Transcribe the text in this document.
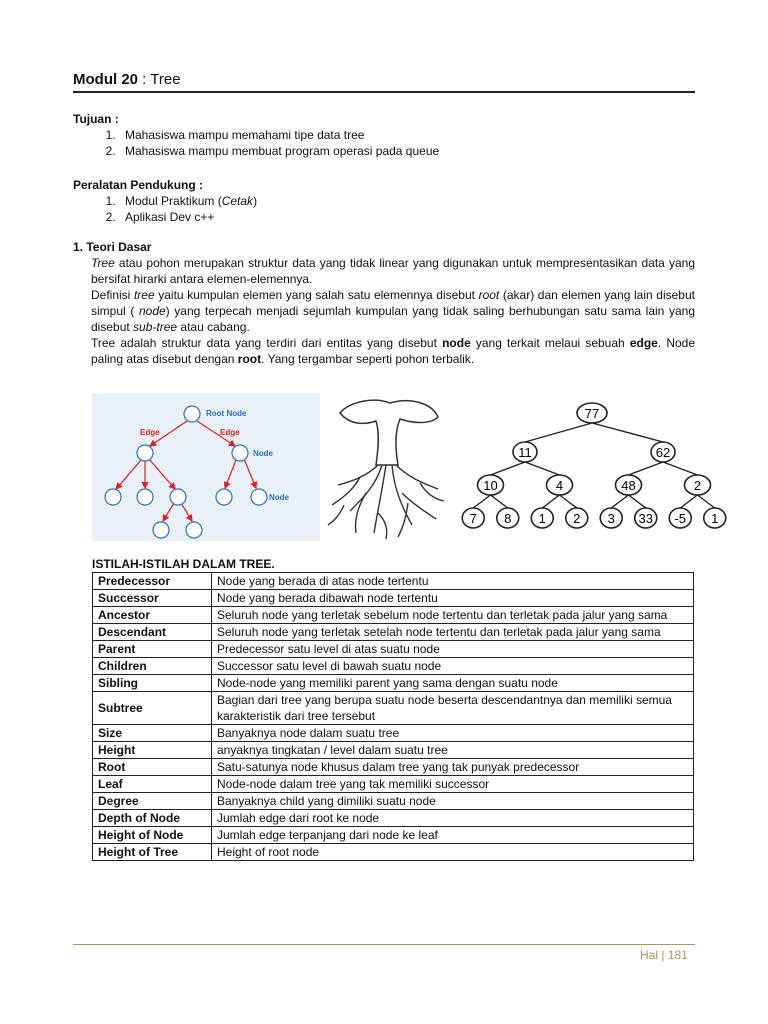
Modul 20 : Tree
Tujuan :
1. Mahasiswa mampu memahami tipe data tree
2. Mahasiswa mampu membuat program operasi pada queue
Peralatan Pendukung :
1. Modul Praktikum (Cetak)
2. Aplikasi Dev c++
1. Teori Dasar
Tree atau pohon merupakan struktur data yang tidak linear yang digunakan untuk mempresentasikan data yang bersifat hirarki antara elemen-elemennya.
Definisi tree yaitu kumpulan elemen yang salah satu elemennya disebut root (akar) dan elemen yang lain disebut simpul ( node) yang terpecah menjadi sejumlah kumpulan yang tidak saling berhubungan satu sama lain yang disebut sub-tree atau cabang.
Tree adalah struktur data yang terdiri dari entitas yang disebut node yang terkait melaui sebuah edge. Node paling atas disebut dengan root. Yang tergambar seperti pohon terbalik.
Root Node
Edge	Edge
Node
Node
77
11	62
10	4	48	2
7 8 1 2 3 33 -5 1
ISTILAH-ISTILAH DALAM TREE.
Predecessor	Node yang berada di atas node tertentu
Successor	Node yang berada dibawah node tertentu
Ancestor	Seluruh node yang terletak sebelum node tertentu dan terletak pada jalur yang sama
Descendant	Seluruh node yang terletak setelah node tertentu dan terletak pada jalur yang sama
Parent	Predecessor satu level di atas suatu node
Children	Successor satu level di bawah suatu node
Sibling	Node-node yang memiliki parent yang sama dengan suatu node
Subtree	Bagian dari tree yang berupa suatu node beserta descendantnya dan memiliki semua
karakteristik dari tree tersebut
Size	Banyaknya node dalam suatu tree
Height	anyaknya tingkatan / level dalam suatu tree
Root	Satu-satunya node khusus dalam tree yang tak punyak predecessor
Leaf	Node-node dalam tree yang tak memiliki successor
Degree	Banyaknya child yang dimiliki suatu node
Depth of Node	Jumlah edge dari root ke node
Height of Node	Jumlah edge terpanjang dari node ke leaf
Height of Tree	Height of root node
Hal | 181
